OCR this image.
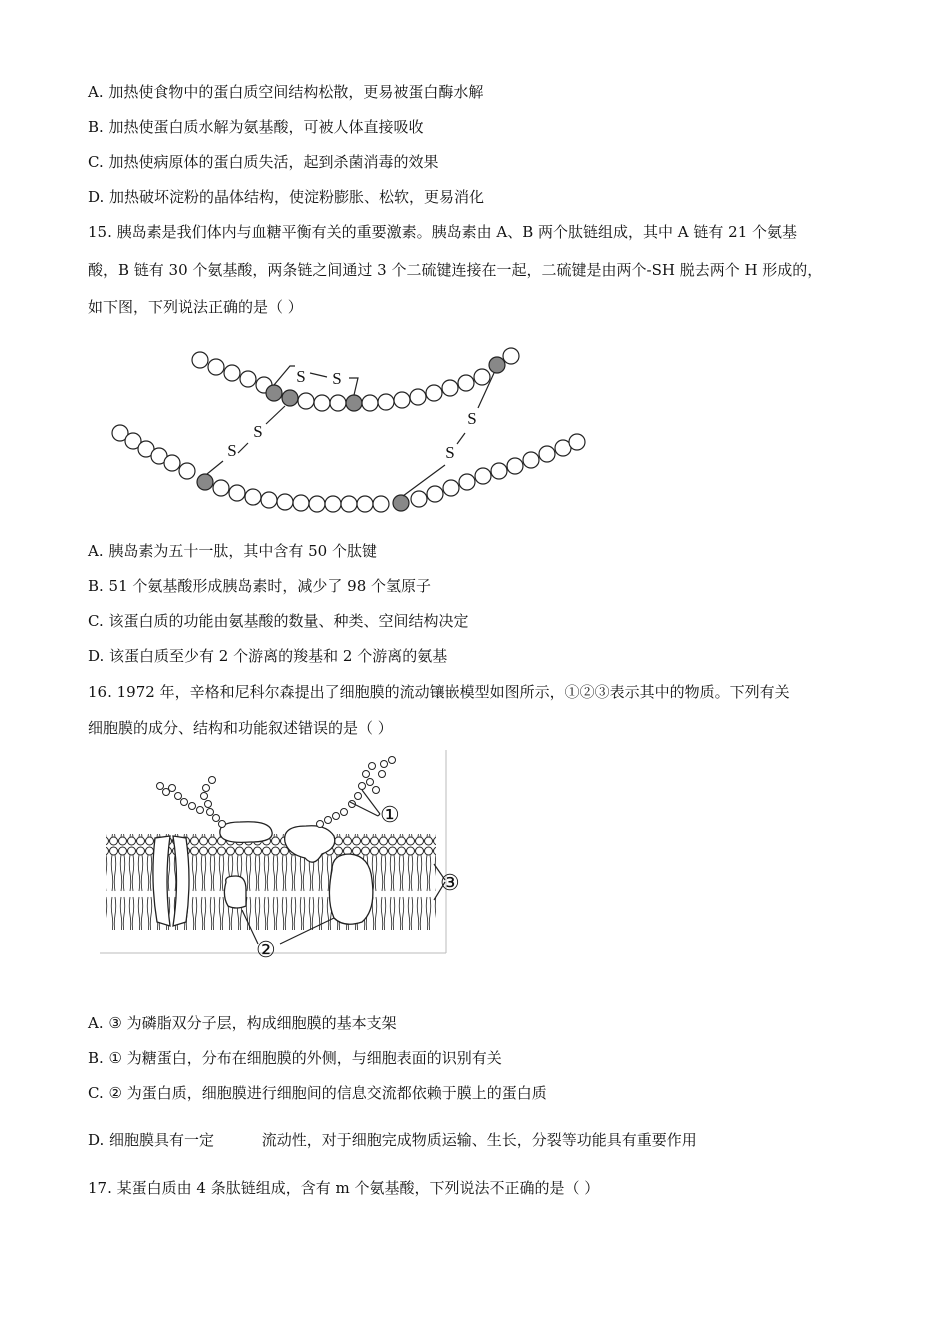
A. 加热使食物中的蛋白质空间结构松散，更易被蛋白酶水解
B. 加热使蛋白质水解为氨基酸，可被人体直接吸收
C. 加热使病原体的蛋白质失活，起到杀菌消毒的效果
D. 加热破坏淀粉的晶体结构，使淀粉膨胀、松软，更易消化
15. 胰岛素是我们体内与血糖平衡有关的重要激素。胰岛素由 A、B 两个肽链组成，其中 A 链有 21 个氨基
酸，B 链有 30 个氨基酸，两条链之间通过 3 个二硫键连接在一起，二硫键是由两个-SH 脱去两个 H 形成的，
如下图，下列说法正确的是（ ）
S S
S
S
S
S
A. 胰岛素为五十一肽，其中含有 50 个肽键
B. 51 个氨基酸形成胰岛素时，减少了 98 个氢原子
C. 该蛋白质的功能由氨基酸的数量、种类、空间结构决定
D. 该蛋白质至少有 2 个游离的羧基和 2 个游离的氨基
16. 1972 年，辛格和尼科尔森提出了细胞膜的流动镶嵌模型如图所示，①②③表示其中的物质。下列有关
细胞膜的成分、结构和功能叙述错误的是（ ）
①
③
②
A. ③ 为磷脂双分子层，构成细胞膜的基本支架
B. ① 为糖蛋白，分布在细胞膜的外侧，与细胞表面的识别有关
C. ② 为蛋白质，细胞膜进行细胞间的信息交流都依赖于膜上的蛋白质
D. 细胞膜具有一定          流动性，对于细胞完成物质运输、生长，分裂等功能具有重要作用
17. 某蛋白质由 4 条肽链组成，含有 m 个氨基酸，下列说法不正确的是（ ）
